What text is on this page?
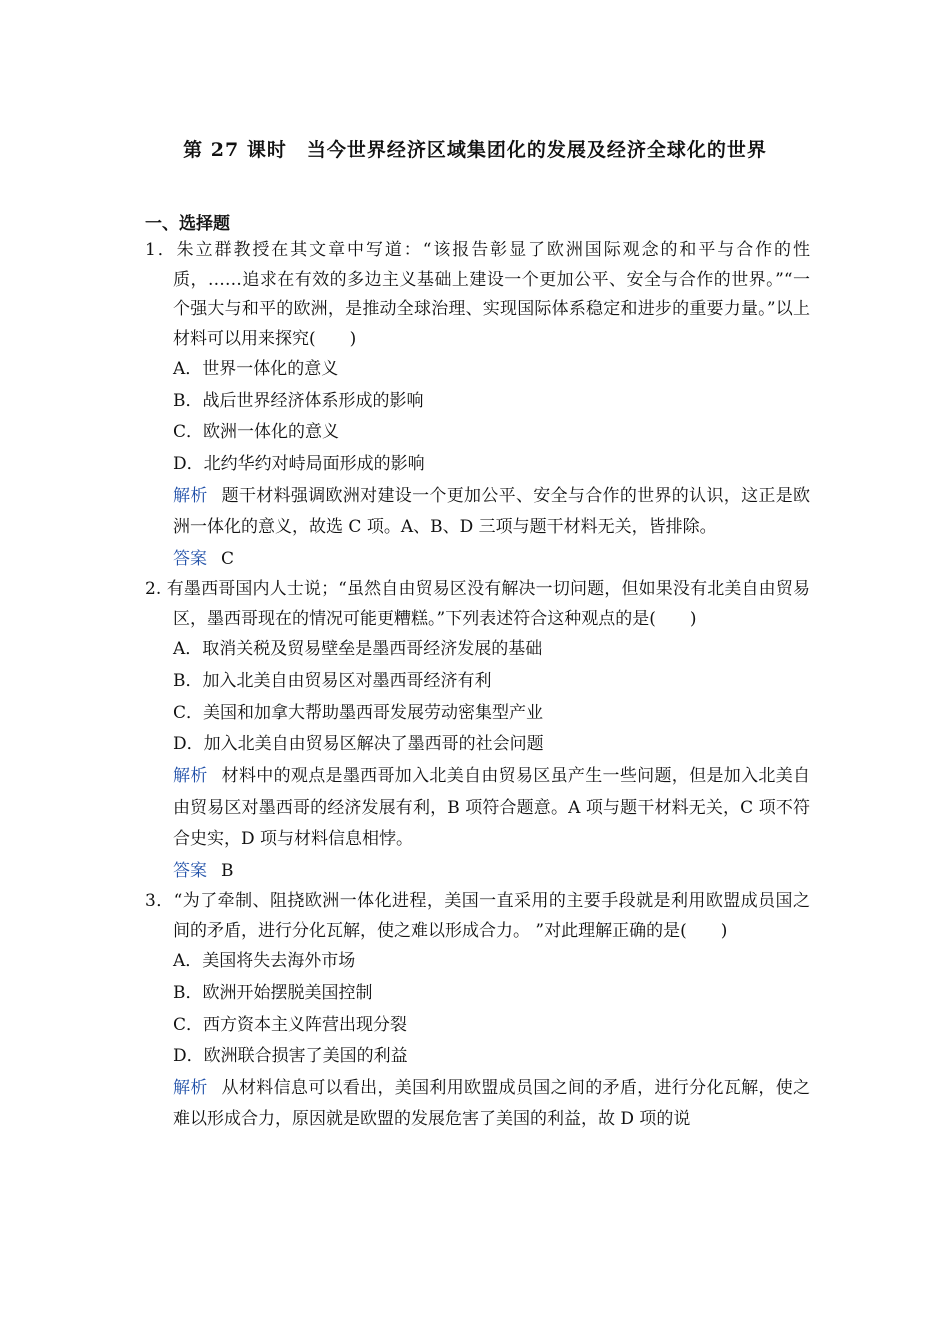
第 27 课时　当今世界经济区域集团化的发展及经济全球化的世界
一、选择题

1．朱立群教授在其文章中写道：“该报告彰显了欧洲国际观念的和平与合作的性质，……追求在有效的多边主义基础上建设一个更加公平、安全与合作的世界。”“一个强大与和平的欧洲，是推动全球治理、实现国际体系稳定和进步的重要力量。”以上材料可以用来探究(　　)

A．世界一体化的意义

B．战后世界经济体系形成的影响

C．欧洲一体化的意义

D．北约华约对峙局面形成的影响

解析 题干材料强调欧洲对建设一个更加公平、安全与合作的世界的认识，这正是欧洲一体化的意义，故选 C 项。A、B、D 三项与题干材料无关，皆排除。

答案 C

2. 有墨西哥国内人士说；“虽然自由贸易区没有解决一切问题，但如果没有北美自由贸易区，墨西哥现在的情况可能更糟糕。”下列表述符合这种观点的是(　　)

A．取消关税及贸易壁垒是墨西哥经济发展的基础

B．加入北美自由贸易区对墨西哥经济有利

C．美国和加拿大帮助墨西哥发展劳动密集型产业

D．加入北美自由贸易区解决了墨西哥的社会问题

解析 材料中的观点是墨西哥加入北美自由贸易区虽产生一些问题，但是加入北美自由贸易区对墨西哥的经济发展有利，B 项符合题意。A 项与题干材料无关，C 项不符合史实，D 项与材料信息相悖。

答案 B

3．“为了牵制、阻挠欧洲一体化进程，美国一直采用的主要手段就是利用欧盟成员国之间的矛盾，进行分化瓦解，使之难以形成合力。 ”对此理解正确的是(　　)

A．美国将失去海外市场

B．欧洲开始摆脱美国控制

C．西方资本主义阵营出现分裂

D．欧洲联合损害了美国的利益

解析 从材料信息可以看出，美国利用欧盟成员国之间的矛盾，进行分化瓦解，使之难以形成合力，原因就是欧盟的发展危害了美国的利益，故 D 项的说
